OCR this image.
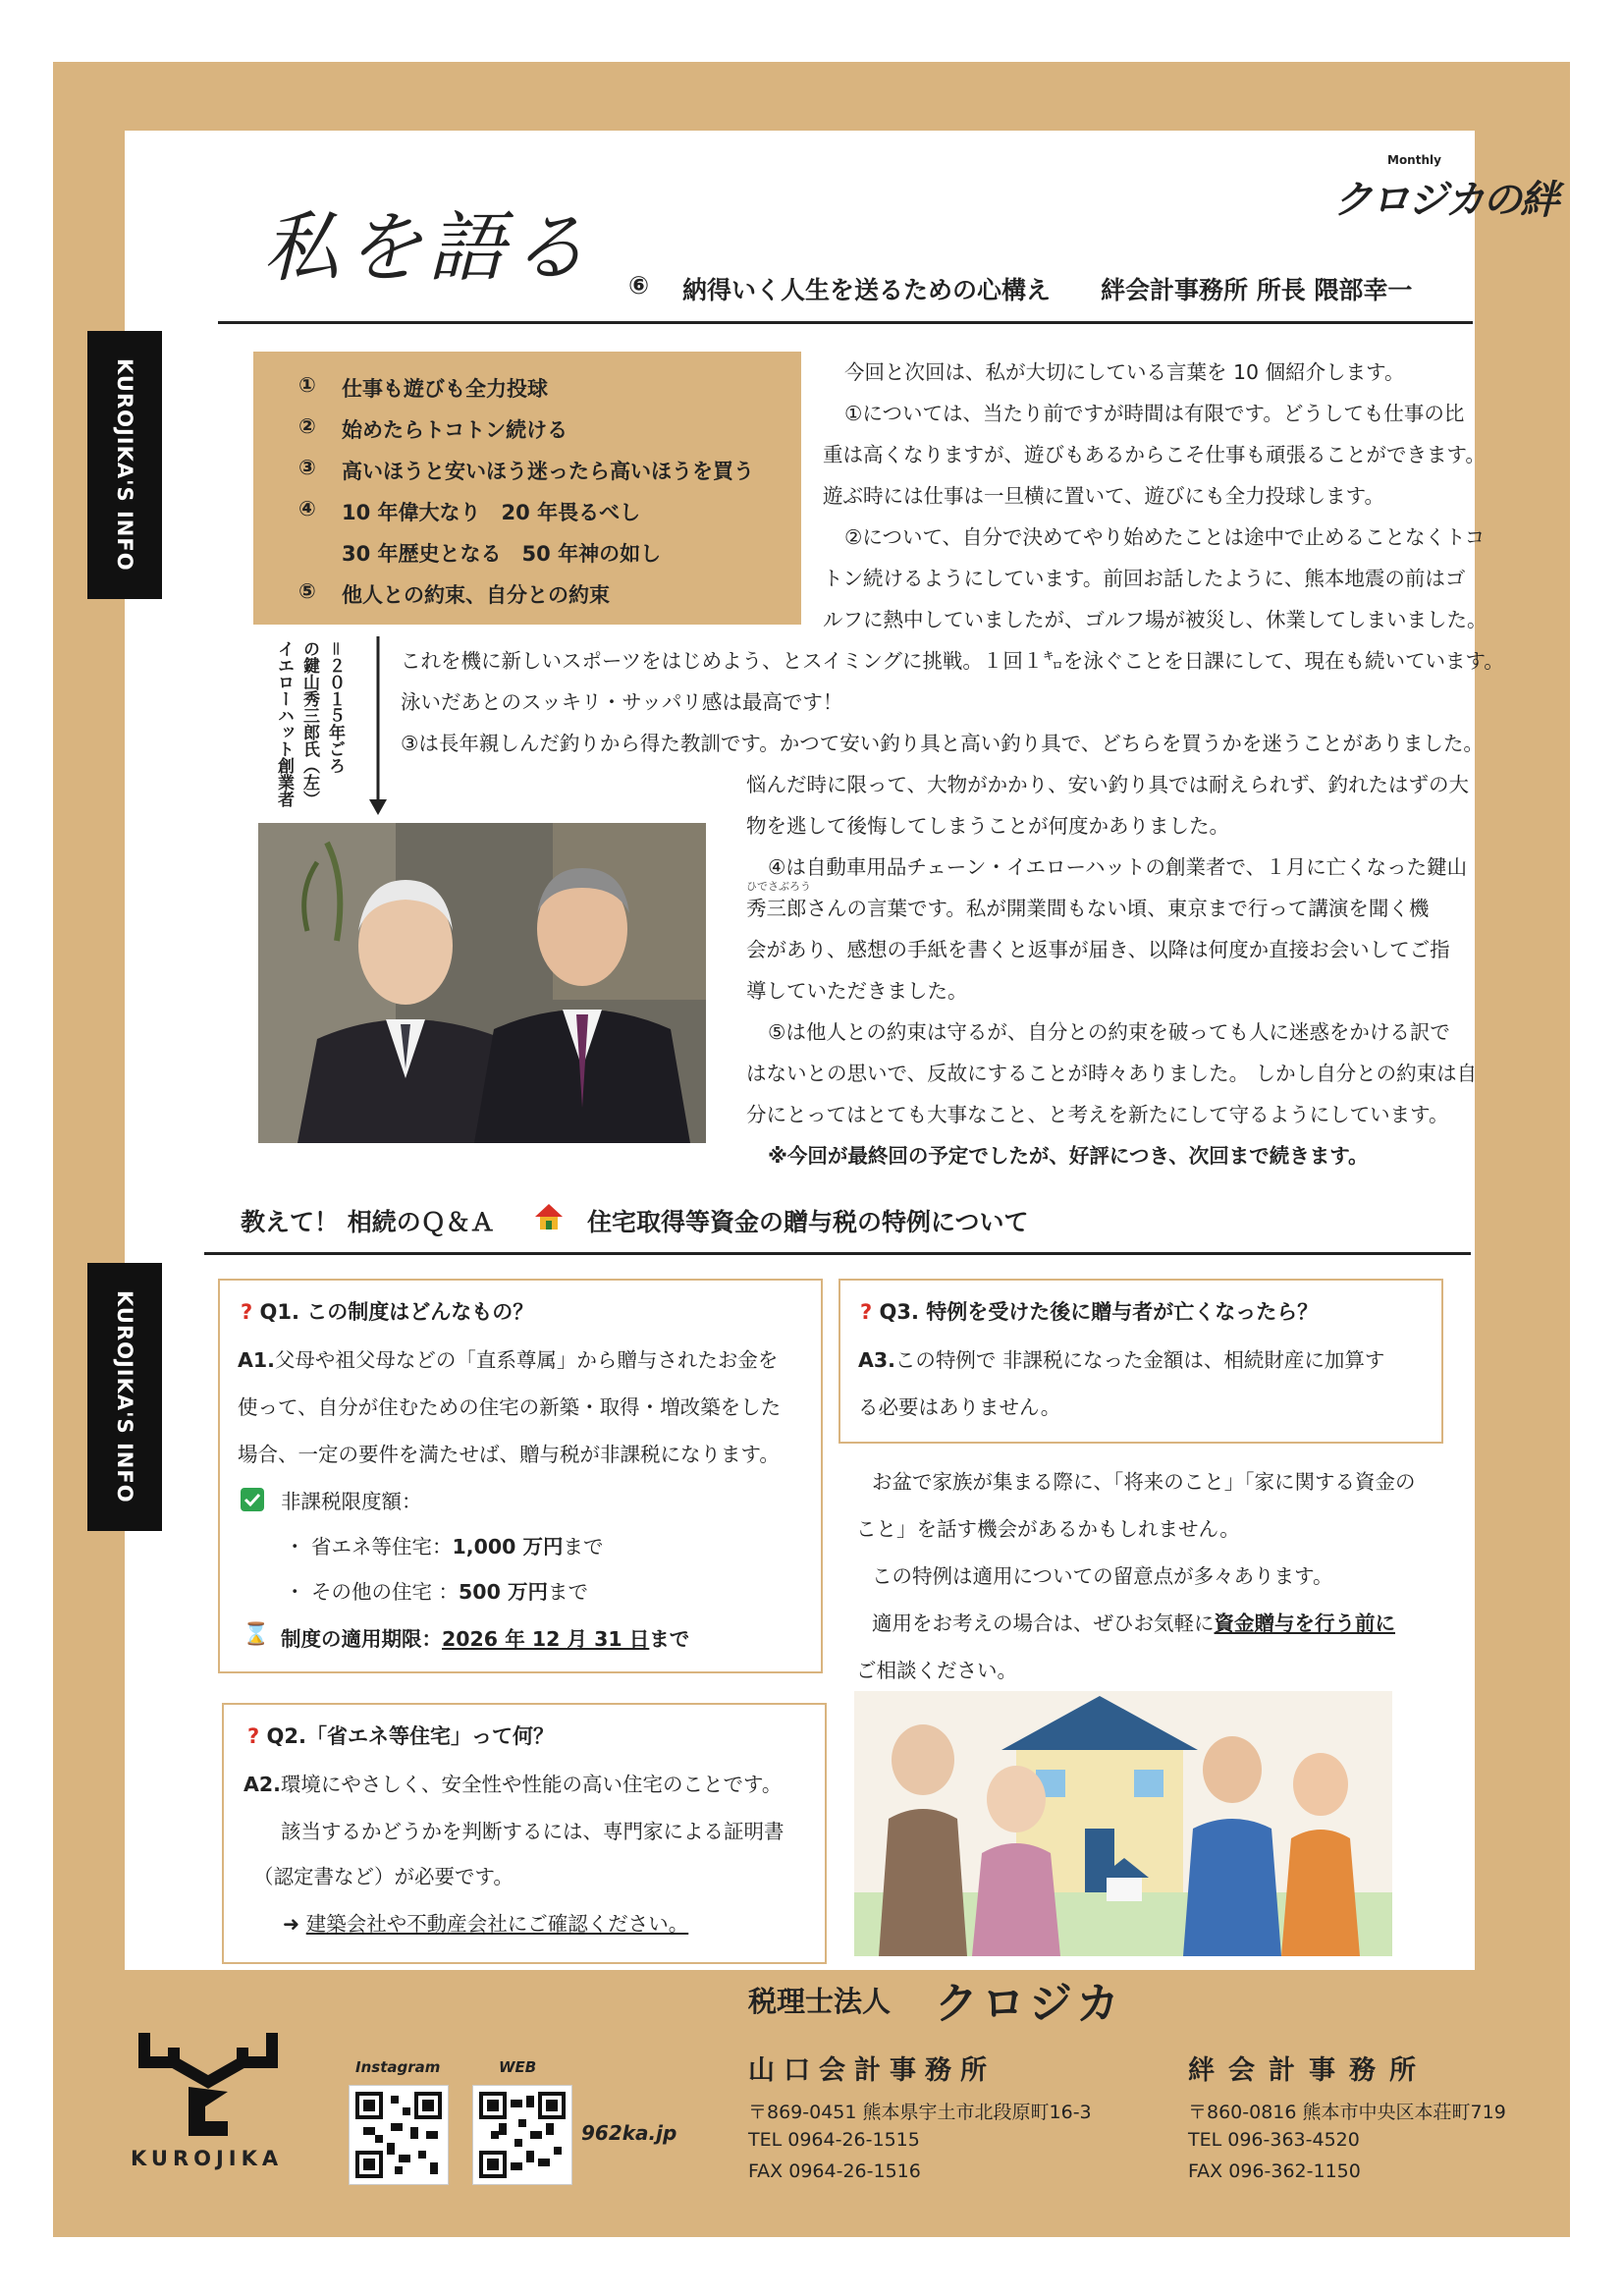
KUROJIKA'S INFO
KUROJIKA'S INFO
私を語る ⑥ 納得いく人生を送るための心構え 絆会計事務所 所長 隈部幸一
Monthly
クロジカの絆
①	仕事も遊びも全力投球
②	始めたらトコトン続ける
③	高いほうと安いほう迷ったら高いほうを買う
④	10 年偉大なり　20 年畏るべし
30 年歴史となる　50 年神の如し
⑤	他人との約束、自分との約束
今回と次回は、私が大切にしている言葉を 10 個紹介します。
①については、当たり前ですが時間は有限です。どうしても仕事の比
重は高くなりますが、遊びもあるからこそ仕事も頑張ることができます。
遊ぶ時には仕事は一旦横に置いて、遊びにも全力投球します。
②について、自分で決めてやり始めたことは途中で止めることなくトコ
トン続けるようにしています。前回お話したように、熊本地震の前はゴ
ルフに熱中していましたが、ゴルフ場が被災し、休業してしまいました。
これを機に新しいスポーツをはじめよう、とスイミングに挑戦。１回１㌔を泳ぐことを日課にして、現在も続いています。
泳いだあとのスッキリ・サッパリ感は最高です！
③は長年親しんだ釣りから得た教訓です。かつて安い釣り具と高い釣り具で、どちらを買うかを迷うことがありました。
＝２０１５年ごろ
の鍵山秀三郎氏（左）
イエローハット創業者	悩んだ時に限って、大物がかかり、安い釣り具では耐えられず、釣れたはずの大
物を逃して後悔してしまうことが何度かありました。
④は自動車用品チェーン・イエローハットの創業者で、１月に亡くなった鍵山
ひでさぶろう
秀三郎さんの言葉です。私が開業間もない頃、東京まで行って講演を聞く機
会があり、感想の手紙を書くと返事が届き、以降は何度か直接お会いしてご指
導していただきました。
⑤は他人との約束は守るが、自分との約束を破っても人に迷惑をかける訳で
はないとの思いで、反故にすることが時々ありました。 しかし自分との約束は自
分にとってはとても大事なこと、と考えを新たにして守るようにしています。
※今回が最終回の予定でしたが、好評につき、次回まで続きます。
教えて！ 相続のＱ＆Ａ	住宅取得等資金の贈与税の特例について
? Q1. この制度はどんなもの？
A1.父母や祖父母などの「直系尊属」から贈与されたお金を
使って、自分が住むための住宅の新築・取得・増改築をした
場合、一定の要件を満たせば、贈与税が非課税になります。
非課税限度額：
・ 省エネ等住宅：1,000 万円まで
・ その他の住宅 ：500 万円まで
⌛ 制度の適用期限：2026 年 12 月 31 日まで
? Q2.「省エネ等住宅」って何？
A2.環境にやさしく、安全性や性能の高い住宅のことです。
該当するかどうかを判断するには、専門家による証明書
（認定書など）が必要です。
➜ 建築会社や不動産会社にご確認ください。
? Q3. 特例を受けた後に贈与者が亡くなったら？
A3.この特例で 非課税になった金額は、相続財産に加算す
る必要はありません。
お盆で家族が集まる際に、「将来のこと」「家に関する資金の
こと」を話す機会があるかもしれません。
この特例は適用についての留意点が多々あります。
適用をお考えの場合は、ぜひお気軽に資金贈与を行う前に
ご相談ください。
KUROJIKA
Instagram	WEB
962ka.jp
税理士法人 クロジカ
山口会計事務所
〒869-0451 熊本県宇土市北段原町16-3
TEL 0964-26-1515
FAX 0964-26-1516
絆会計事務所
〒860-0816 熊本市中央区本荘町719
TEL 096-363-4520
FAX 096-362-1150
